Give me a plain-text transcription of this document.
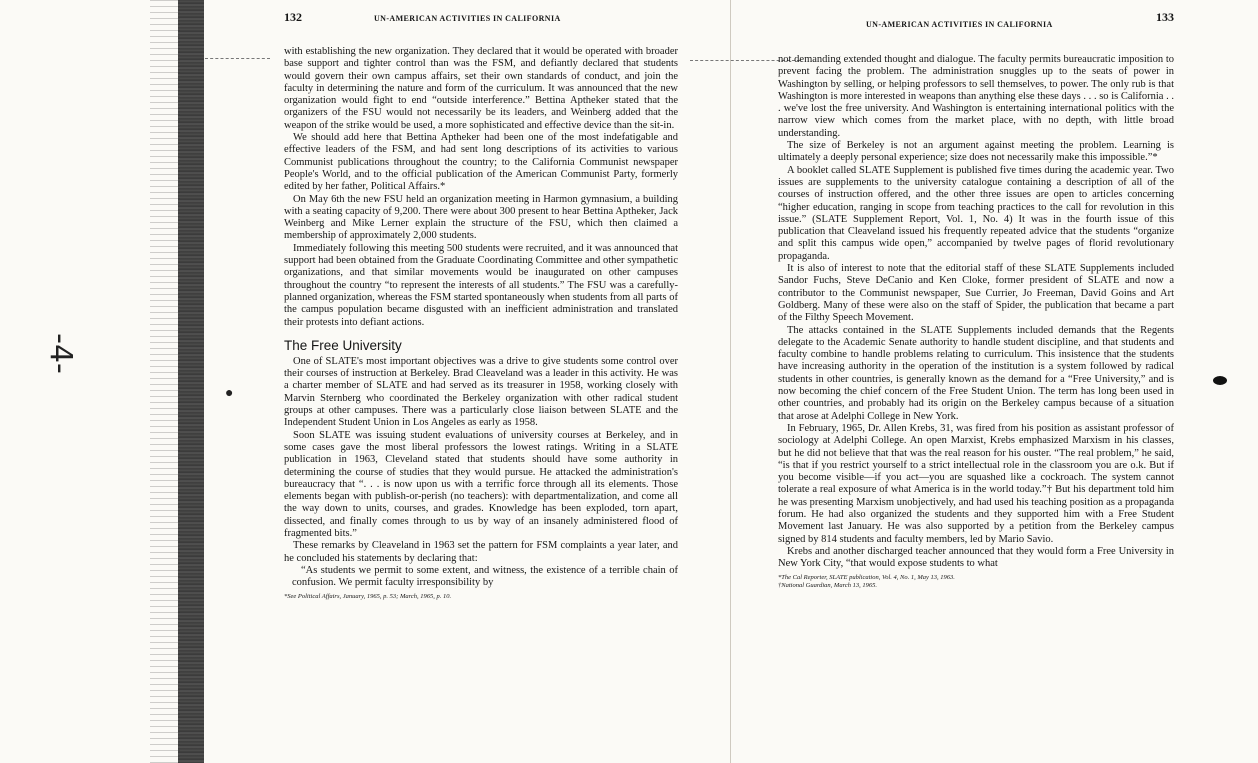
-4-
●
132	UN-AMERICAN ACTIVITIES IN CALIFORNIA

with establishing the new organization. They declared that it would be operated with broader base support and tighter control than was the FSM, and defiantly declared that students would govern their own campus affairs, set their own standards of conduct, and join the faculty in determining the nature and form of the curriculum. It was announced that the new organization would fight to end “outside interference.” Bettina Aptheker stated that the organizers of the FSU would not necessarily be its leaders, and Weinberg added that the weapon of the strike would be used, a more sophisticated and effective device than the sit-in.

We should add here that Bettina Aptheker had been one of the most indefatigable and effective leaders of the FSM, and had sent long descriptions of its activities to various Communist publications throughout the country; to the California Communist newspaper People's World, and to the official publication of the American Communist Party, formerly edited by her father, Political Affairs.*

On May 6th the new FSU held an organization meeting in Harmon gymnasium, a building with a seating capacity of 9,200. There were about 300 present to hear Bettina Aptheker, Jack Weinberg and Mike Lerner explain the structure of the FSU, which then claimed a membership of approximately 2,000 students.

Immediately following this meeting 500 students were recruited, and it was announced that support had been obtained from the Graduate Coordinating Committee and other sympathetic organizations, and that similar movements would be inaugurated on other campuses throughout the country “to represent the interests of all students.” The FSU was a carefully-planned organization, whereas the FSM started spontaneously when students from all parts of the campus population became disgusted with an inefficient administration and translated their protests into defiant actions.

The Free University

One of SLATE's most important objectives was a drive to give students some control over their courses of instruction at Berkeley. Brad Cleaveland was a leader in this activity. He was a charter member of SLATE and had served as its treasurer in 1958, working closely with Marvin Sternberg who coordinated the Berkeley organization with other radical student groups at other campuses. There was a particularly close liaison between SLATE and the Independent Student Union in Los Angeles as early as 1958.

Soon SLATE was issuing student evaluations of university courses at Berkeley, and in some cases gave the most liberal professors the lowest ratings. Writing in a SLATE publication in 1963, Cleveland stated that students should have some authority in determining the course of studies that they would pursue. He attacked the administration's bureaucracy that “. . . is now upon us with a terrific force through all its elements. Those elements began with publish-or-perish (no teachers): with departmentalization, and come all the way down to units, courses, and grades. Knowledge has been exploded, torn apart, dissected, and finally comes through to us by way of an insanely administered flood of fragmented bits.”

These remarks by Cleaveland in 1963 set the pattern for FSM complaints a year later, and he concluded his statements by declaring that:

“As students we permit to some extent, and witness, the existence of a terrible chain of confusion. We permit faculty irresponsibility by

*See Political Affairs, January, 1965, p. 53; March, 1965, p. 10.
UN-AMERICAN ACTIVITIES IN CALIFORNIA
133

not demanding extended thought and dialogue. The faculty permits bureaucratic imposition to prevent facing the problem. The administration snuggles up to the seats of power in Washington by selling, or helping professors to sell themselves, to power. The only rub is that Washington is more interested in weapons than anything else these days . . . so is California . . . we've lost the free university. And Washington is entertaining international politics with the narrow view which comes from the market place, with no depth, with little broad understanding.

The size of Berkeley is not an argument against meeting the problem. Learning is ultimately a deeply personal experience; size does not necessarily make this impossible.”*

A booklet called SLATE Supplement is published five times during the academic year. Two issues are supplements to the university catalogue containing a description of all of the courses of instruction offered, and the other three issues are open to articles concerning “higher education, ranging in scope from teaching practices to the call for revolution in this issue.” (SLATE Supplement Report, Vol. 1, No. 4) It was in the fourth issue of this publication that Cleaveland issued his frequently repeated advice that the students “organize and split this campus wide open,” accompanied by twelve pages of florid revolutionary propaganda.

It is also of interest to note that the editorial staff of these SLATE Supplements included Sandor Fuchs, Steve DeCanio and Ken Cloke, former president of SLATE and now a contributor to the Communist newspaper, Sue Currier, Jo Freeman, David Goins and Art Goldberg. Many of these were also on the staff of Spider, the publication that became a part of the Filthy Speech Movement.

The attacks contained in the SLATE Supplements included demands that the Regents delegate to the Academic Senate authority to handle student discipline, and that students and faculty combine to handle problems relating to curriculum. This insistence that the students have increasing authority in the operation of the institution is a system followed by radical students in other countries, is generally known as the demand for a “Free University,” and is now becoming the chief concern of the Free Student Union. The term has long been used in other countries, and probably had its origin on the Berkeley campus because of a situation that arose at Adelphi College in New York.

In February, 1965, Dr. Allen Krebs, 31, was fired from his position as assistant professor of sociology at Adelphi College. An open Marxist, Krebs emphasized Marxism in his classes, but he did not believe that that was the real reason for his ouster. “The real problem,” he said, “is that if you restrict yourself to a strict intellectual role in the classroom you are o.k. But if you become visible—if you act—you are squashed like a cockroach. The system cannot tolerate a real exposure of what America is in the world today.”† But his department told him he was presenting Marxism unobjectively, and had used his teaching position as a propaganda forum. He had also organized the students and they supported him with a Free Student Movement last January. He was also supported by a petition from the Berkeley campus signed by 814 students and faculty members, led by Mario Savio.

Krebs and another discharged teacher announced that they would form a Free University in New York City, “that would expose students to what

*The Cal Reporter, SLATE publication, Vol. 4, No. 1, May 13, 1963.
†National Guardian, March 13, 1965.
